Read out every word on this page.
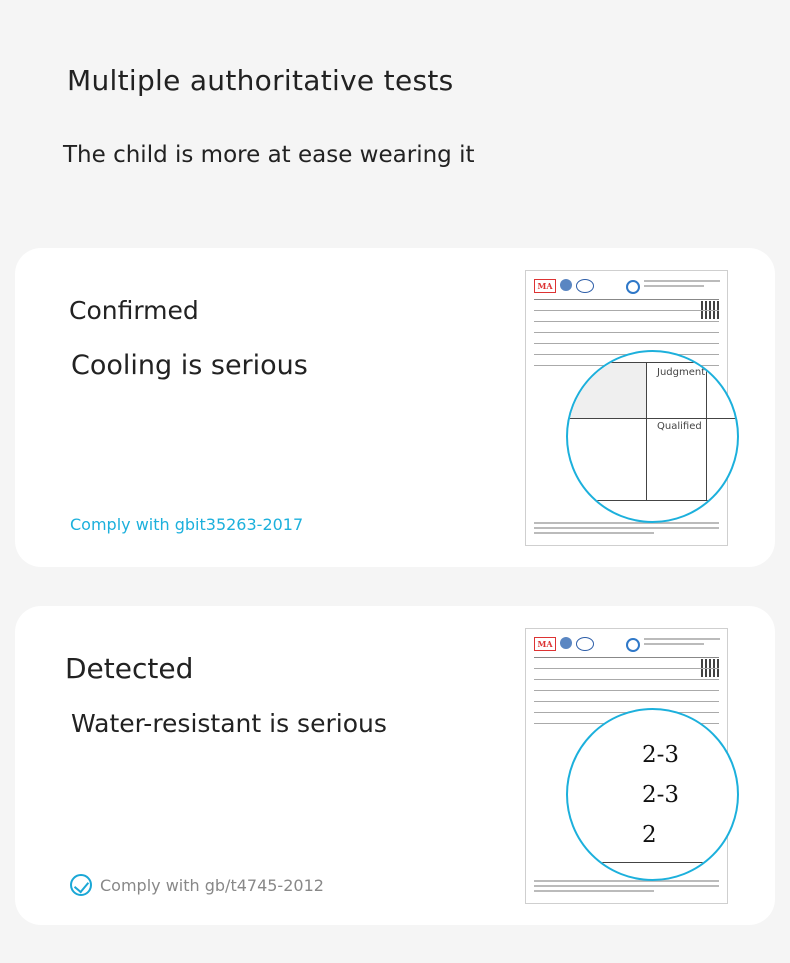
Multiple authoritative tests
The child is more at ease wearing it
Confirmed
Cooling is serious
Comply with gbit35263-2017
MA
Judgment
Qualified
Detected
Water-resistant is serious
Comply with gb/t4745-2012
MA
2-3
2-3
2
